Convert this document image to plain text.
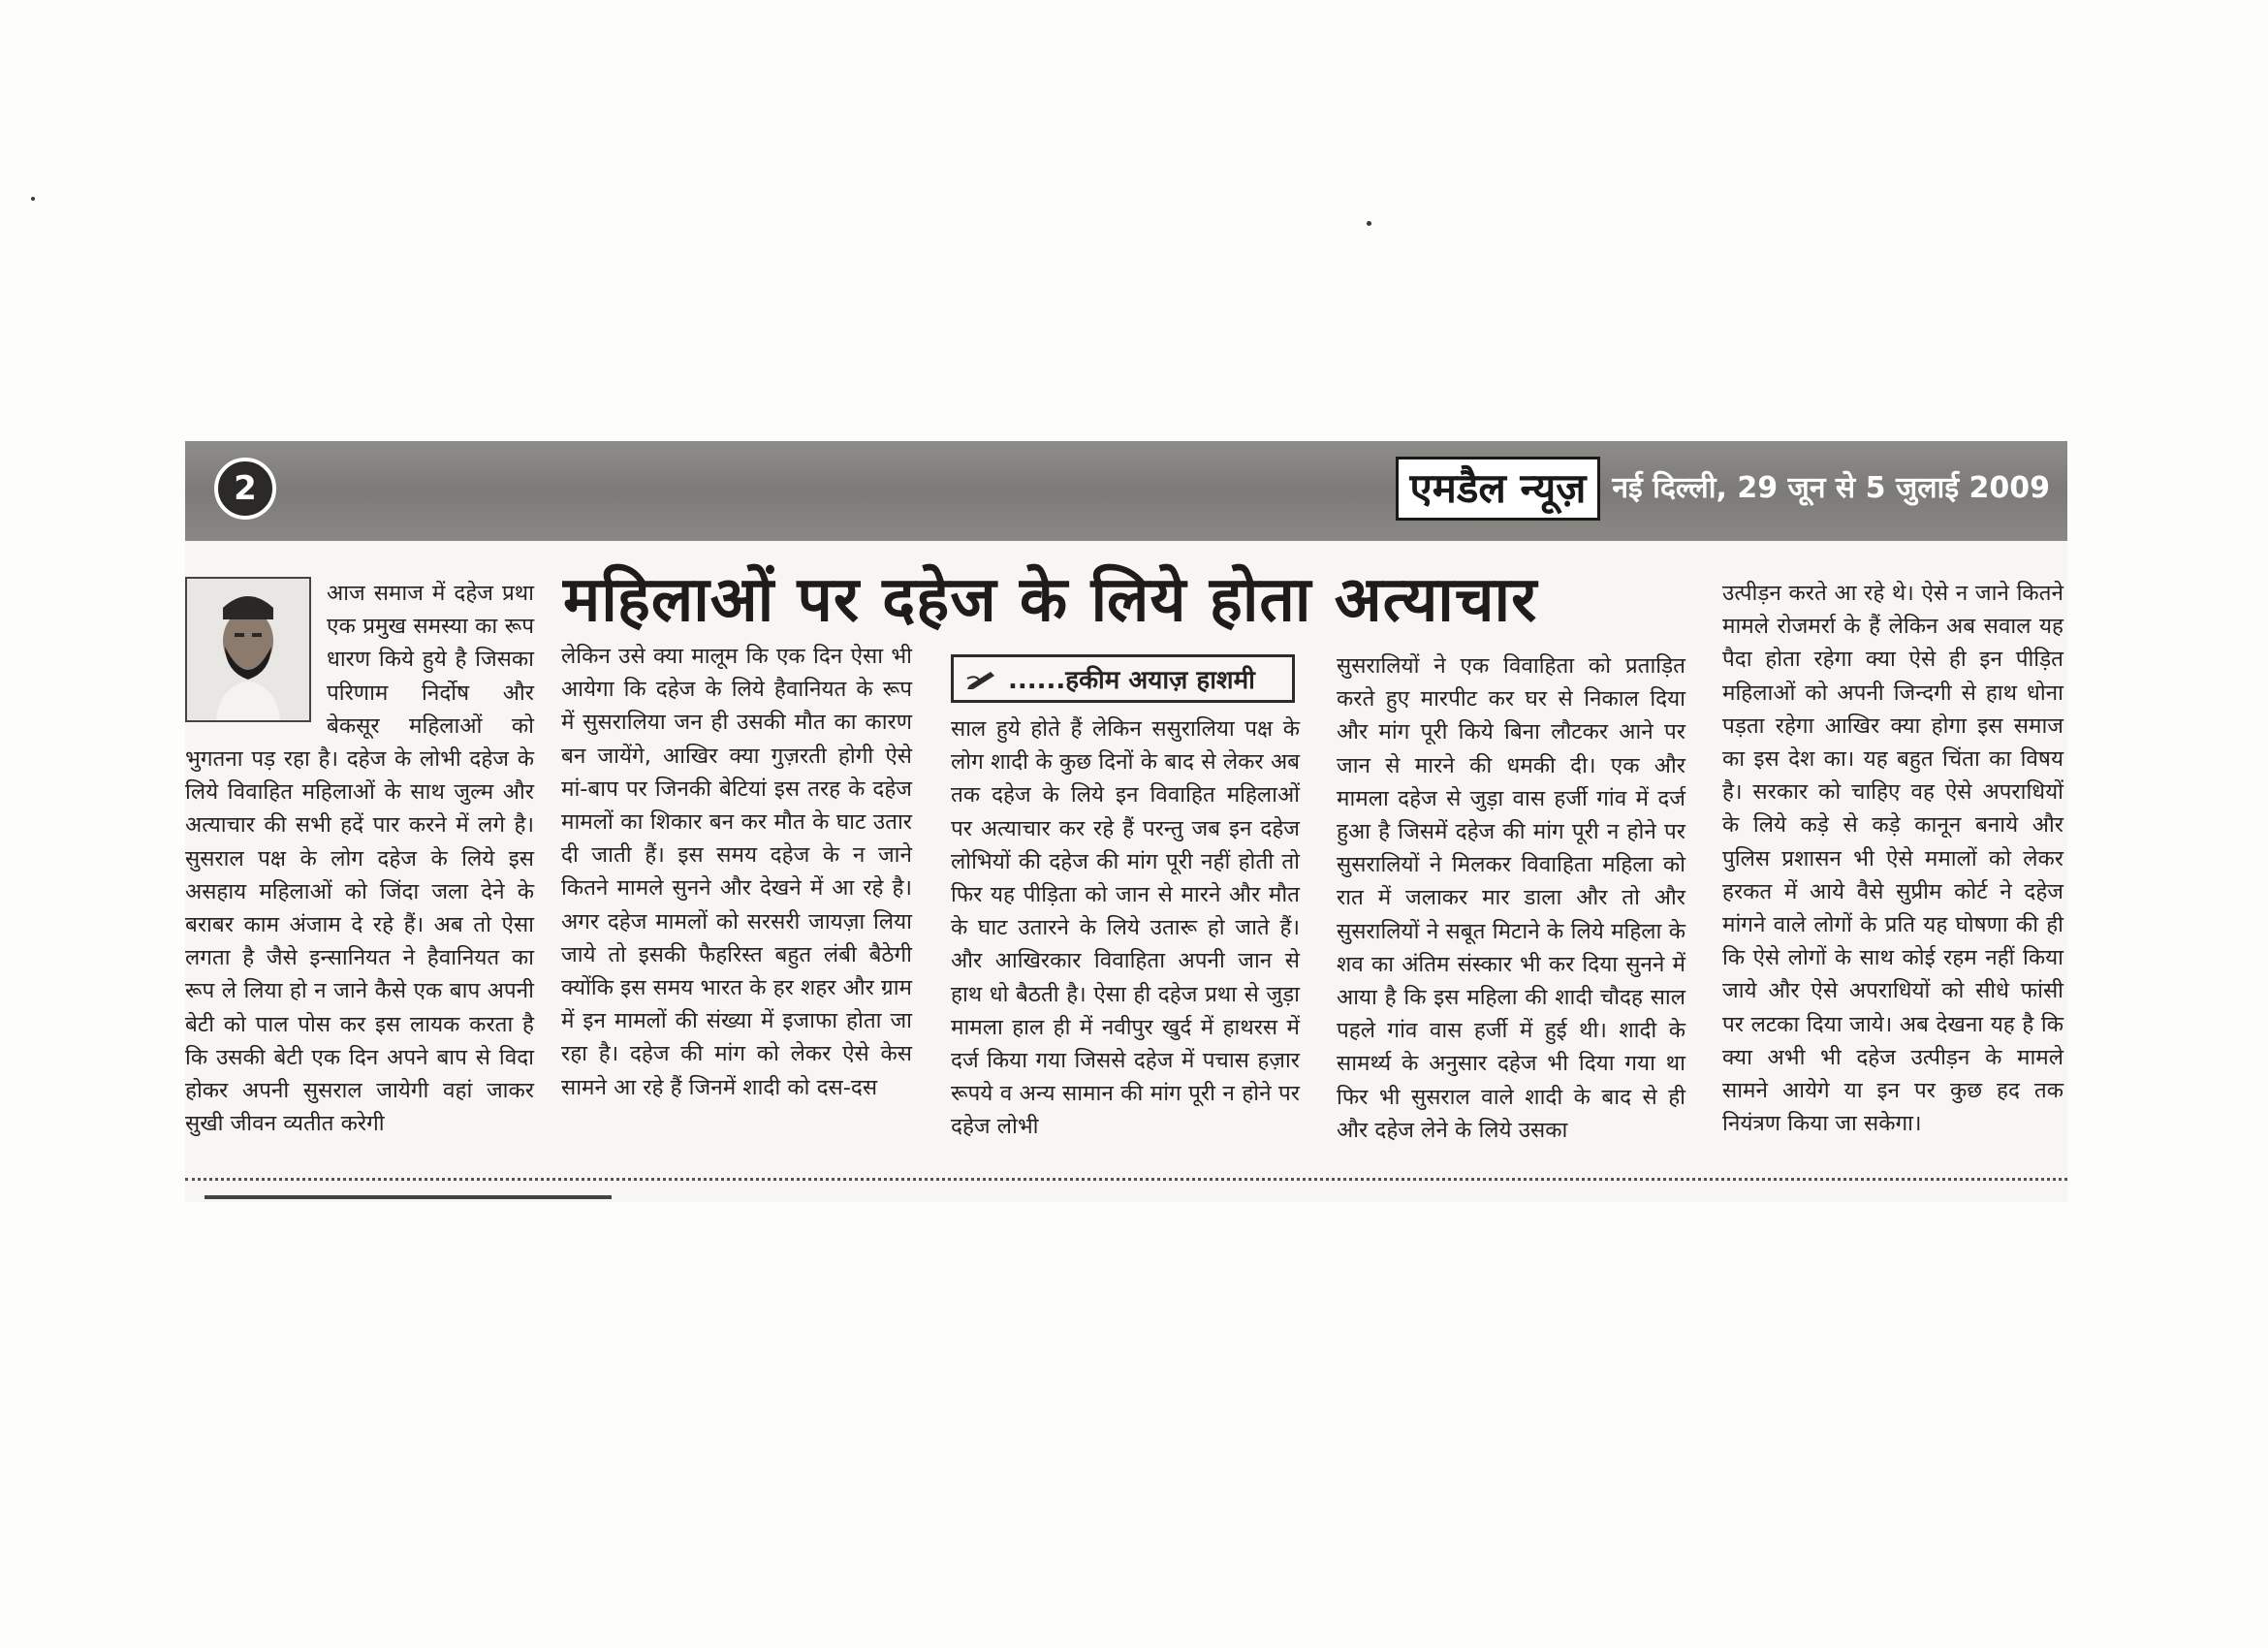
2	एमडैल न्यूज़ नई दिल्ली, 29 जून से 5 जुलाई 2009
महिलाओं पर दहेज के लिये होता अत्याचार
......हकीम अयाज़ हाशमी
आज समाज में दहेज प्रथा एक प्रमुख समस्या का रूप धारण किये हुये है जिसका परिणाम निर्दोष और बेकसूर महिलाओं को भुगतना पड़ रहा है। दहेज के लोभी दहेज के लिये विवाहित महिलाओं के साथ जुल्म और अत्याचार की सभी हदें पार करने में लगे है। सुसराल पक्ष के लोग दहेज के लिये इस असहाय महिलाओं को जिंदा जला देने के बराबर काम अंजाम दे रहे हैं। अब तो ऐसा लगता है जैसे इन्सानियत ने हैवानियत का रूप ले लिया हो न जाने कैसे एक बाप अपनी बेटी को पाल पोस कर इस लायक करता है कि उसकी बेटी एक दिन अपने बाप से विदा होकर अपनी सुसराल जायेगी वहां जाकर सुखी जीवन व्यतीत करेगी
लेकिन उसे क्या मालूम कि एक दिन ऐसा भी आयेगा कि दहेज के लिये हैवानियत के रूप में सुसरालिया जन ही उसकी मौत का कारण बन जायेंगे, आखिर क्या गुज़रती होगी ऐसे मां-बाप पर जिनकी बेटियां इस तरह के दहेज मामलों का शिकार बन कर मौत के घाट उतार दी जाती हैं। इस समय दहेज के न जाने कितने मामले सुनने और देखने में आ रहे है। अगर दहेज मामलों को सरसरी जायज़ा लिया जाये तो इसकी फैहरिस्त बहुत लंबी बैठेगी क्योंकि इस समय भारत के हर शहर और ग्राम में इन मामलों की संख्या में इजाफा होता जा रहा है। दहेज की मांग को लेकर ऐसे केस सामने आ रहे हैं जिनमें शादी को दस-दस
साल हुये होते हैं लेकिन ससुरालिया पक्ष के लोग शादी के कुछ दिनों के बाद से लेकर अब तक दहेज के लिये इन विवाहित महिलाओं पर अत्याचार कर रहे हैं परन्तु जब इन दहेज लोभियों की दहेज की मांग पूरी नहीं होती तो फिर यह पीड़िता को जान से मारने और मौत के घाट उतारने के लिये उतारू हो जाते हैं। और आखिरकार विवाहिता अपनी जान से हाथ धो बैठती है। ऐसा ही दहेज प्रथा से जुड़ा मामला हाल ही में नवीपुर खुर्द में हाथरस में दर्ज किया गया जिससे दहेज में पचास हज़ार रूपये व अन्य सामान की मांग पूरी न होने पर दहेज लोभी
सुसरालियों ने एक विवाहिता को प्रताड़ित करते हुए मारपीट कर घर से निकाल दिया और मांग पूरी किये बिना लौटकर आने पर जान से मारने की धमकी दी। एक और मामला दहेज से जुड़ा वास हर्जी गांव में दर्ज हुआ है जिसमें दहेज की मांग पूरी न होने पर सुसरालियों ने मिलकर विवाहिता महिला को रात में जलाकर मार डाला और तो और सुसरालियों ने सबूत मिटाने के लिये महिला के शव का अंतिम संस्कार भी कर दिया सुनने में आया है कि इस महिला की शादी चौदह साल पहले गांव वास हर्जी में हुई थी। शादी के सामर्थ्य के अनुसार दहेज भी दिया गया था फिर भी सुसराल वाले शादी के बाद से ही और दहेज लेने के लिये उसका
उत्पीड़न करते आ रहे थे। ऐसे न जाने कितने मामले रोजमर्रा के हैं लेकिन अब सवाल यह पैदा होता रहेगा क्या ऐसे ही इन पीड़ित महिलाओं को अपनी जिन्दगी से हाथ धोना पड़ता रहेगा आखिर क्या होगा इस समाज का इस देश का। यह बहुत चिंता का विषय है। सरकार को चाहिए वह ऐसे अपराधियों के लिये कड़े से कड़े कानून बनाये और पुलिस प्रशासन भी ऐसे ममालों को लेकर हरकत में आये वैसे सुप्रीम कोर्ट ने दहेज मांगने वाले लोगों के प्रति यह घोषणा की ही कि ऐसे लोगों के साथ कोई रहम नहीं किया जाये और ऐसे अपराधियों को सीधे फांसी पर लटका दिया जाये। अब देखना यह है कि क्या अभी भी दहेज उत्पीड़न के मामले सामने आयेगे या इन पर कुछ हद तक नियंत्रण किया जा सकेगा।
